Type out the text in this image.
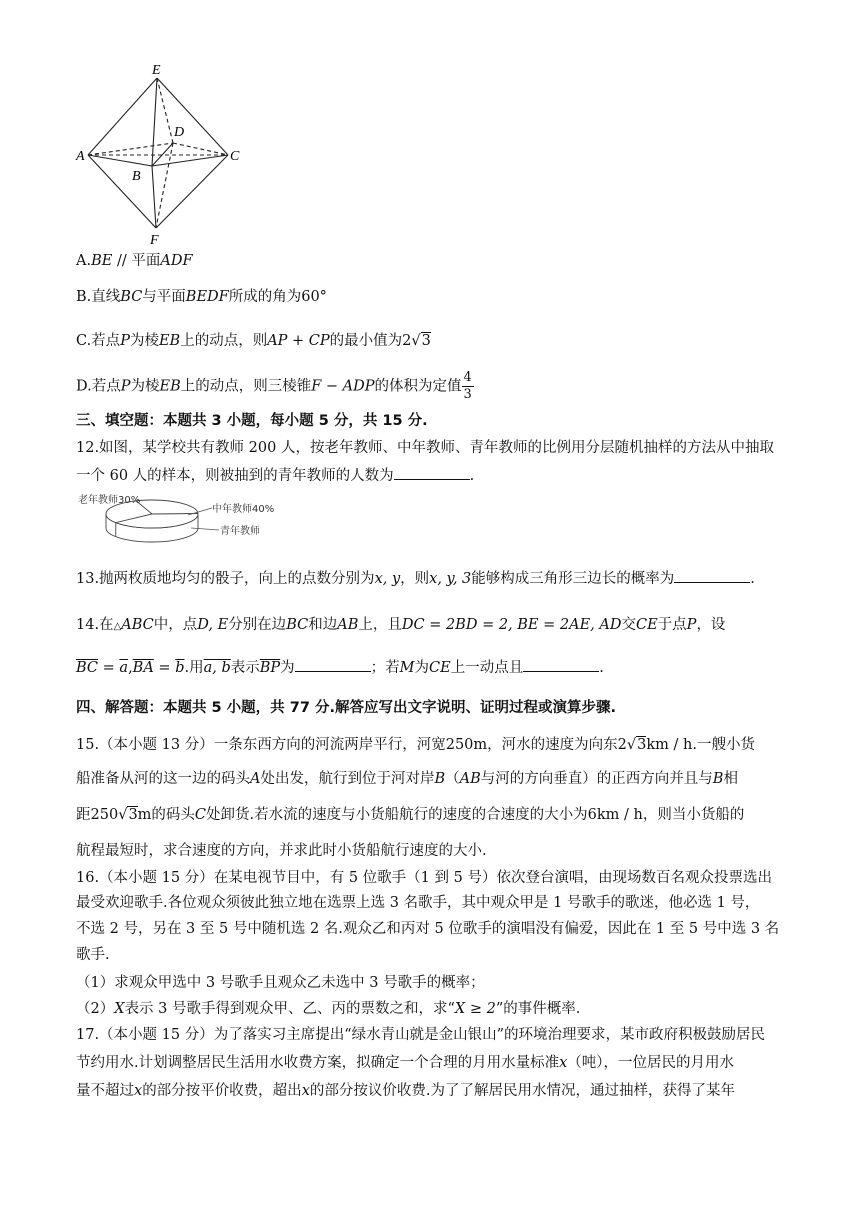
E
D
A	C
B
F
A.BE // 平面ADF
B.直线BC与平面BEDF所成的角为60°
C.若点P为棱EB上的动点，则AP + CP的最小值为2√3
D.若点P为棱EB上的动点，则三棱锥F − ADP的体积为定值 $\frac{4}{3}$
三、填空题：本题共 3 小题，每小题 5 分，共 15 分.
12.如图，某学校共有教师 200 人，按老年教师、中年教师、青年教师的比例用分层随机抽样的方法从中抽取
一个 60 人的样本，则被抽到的青年教师的人数为	.
老年教师30%
中年教师40%
青年教师
13.抛两枚质地均匀的骰子，向上的点数分别为x, y，则x, y, 3能够构成三角形三边长的概率为	.
14.在△ABC中，点D, E分别在边BC和边AB上，且DC = 2BD = 2, BE = 2AE, AD交CE于点P，设
$\overline{BC} = \overline{a},\overline{BA} = \overline{b}$.用a, b表示$\overline{BP}$为	；若M为CE上一动点且	.
四、解答题：本题共 5 小题，共 77 分.解答应写出文字说明、证明过程或演算步骤.
15.（本小题 13 分）一条东西方向的河流两岸平行，河宽250m，河水的速度为向东2√3km / h.一艘小货
船准备从河的这一边的码头A处出发，航行到位于河对岸B（AB与河的方向垂直）的正西方向并且与B相
距250√3m的码头C处卸货.若水流的速度与小货船航行的速度的合速度的大小为6km / h，则当小货船的
航程最短时，求合速度的方向，并求此时小货船航行速度的大小.
16.（本小题 15 分）在某电视节目中，有 5 位歌手（1 到 5 号）依次登台演唱，由现场数百名观众投票选出
最受欢迎歌手.各位观众须彼此独立地在选票上选 3 名歌手，其中观众甲是 1 号歌手的歌迷，他必选 1 号，
不选 2 号，另在 3 至 5 号中随机选 2 名.观众乙和丙对 5 位歌手的演唱没有偏爱，因此在 1 至 5 号中选 3 名
歌手.
（1）求观众甲选中 3 号歌手且观众乙未选中 3 号歌手的概率；
（2）X表示 3 号歌手得到观众甲、乙、丙的票数之和，求“X ≥ 2”的事件概率.
17.（本小题 15 分）为了落实习主席提出“绿水青山就是金山银山”的环境治理要求，某市政府积极鼓励居民
节约用水.计划调整居民生活用水收费方案，拟确定一个合理的月用水量标准x（吨），一位居民的月用水
量不超过x的部分按平价收费，超出x的部分按议价收费.为了了解居民用水情况，通过抽样，获得了某年
